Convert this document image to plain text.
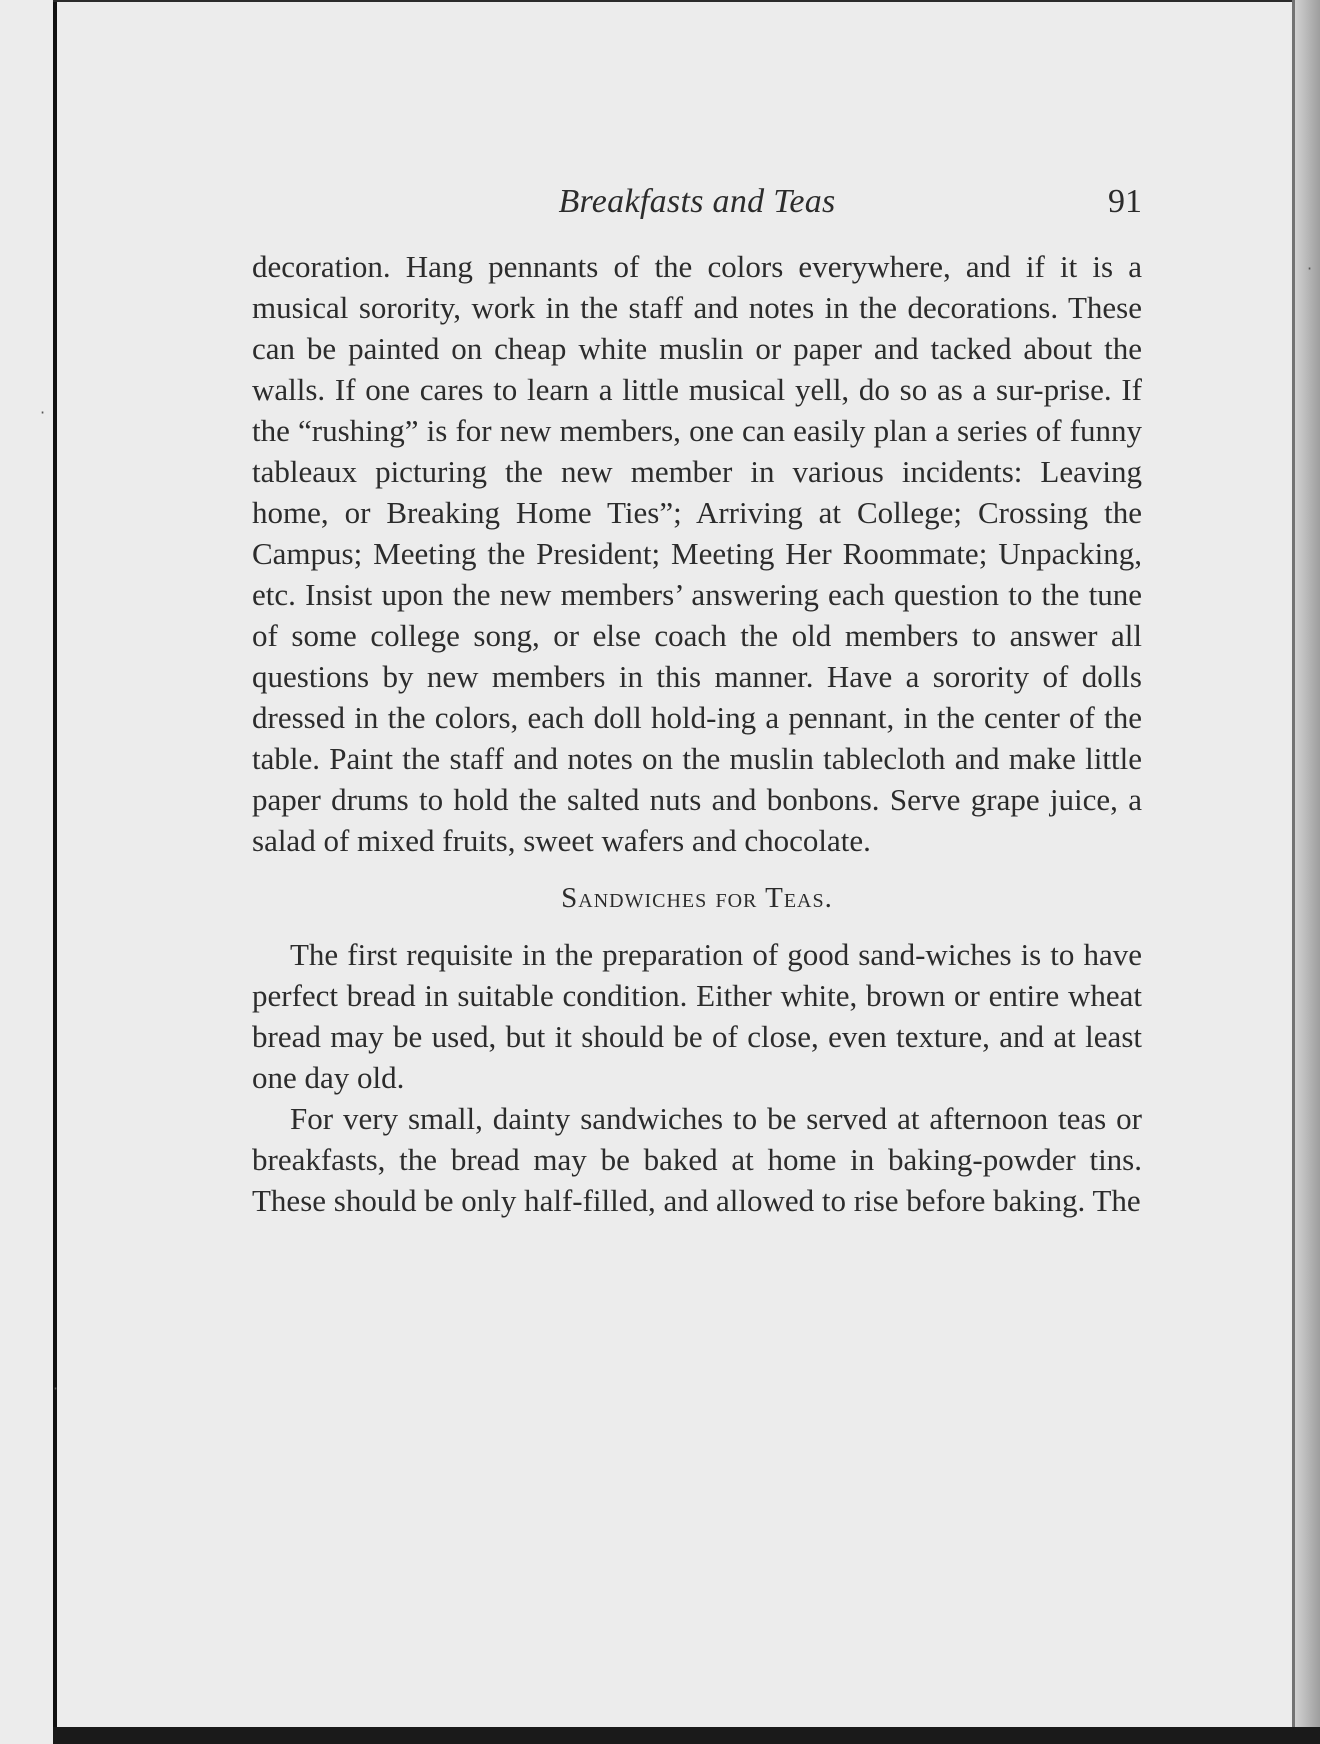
·
·
·
Breakfasts and Teas	91

decoration. Hang pennants of the colors everywhere, and if it is a musical sorority, work in the staff and notes in the decorations. These can be painted on cheap white muslin or paper and tacked about the walls. If one cares to learn a little musical yell, do so as a sur-prise. If the “rushing” is for new members, one can easily plan a series of funny tableaux picturing the new member in various incidents: Leaving home, or Breaking Home Ties”; Arriving at College; Crossing the Campus; Meeting the President; Meeting Her Roommate; Unpacking, etc. Insist upon the new members’ answering each question to the tune of some college song, or else coach the old members to answer all questions by new members in this manner. Have a sorority of dolls dressed in the colors, each doll hold-ing a pennant, in the center of the table. Paint the staff and notes on the muslin tablecloth and make little paper drums to hold the salted nuts and bonbons. Serve grape juice, a salad of mixed fruits, sweet wafers and chocolate.

Sandwiches for Teas.

The first requisite in the preparation of good sand-wiches is to have perfect bread in suitable condition. Either white, brown or entire wheat bread may be used, but it should be of close, even texture, and at least one day old.

For very small, dainty sandwiches to be served at afternoon teas or breakfasts, the bread may be baked at home in baking-powder tins. These should be only half-filled, and allowed to rise before baking. The
